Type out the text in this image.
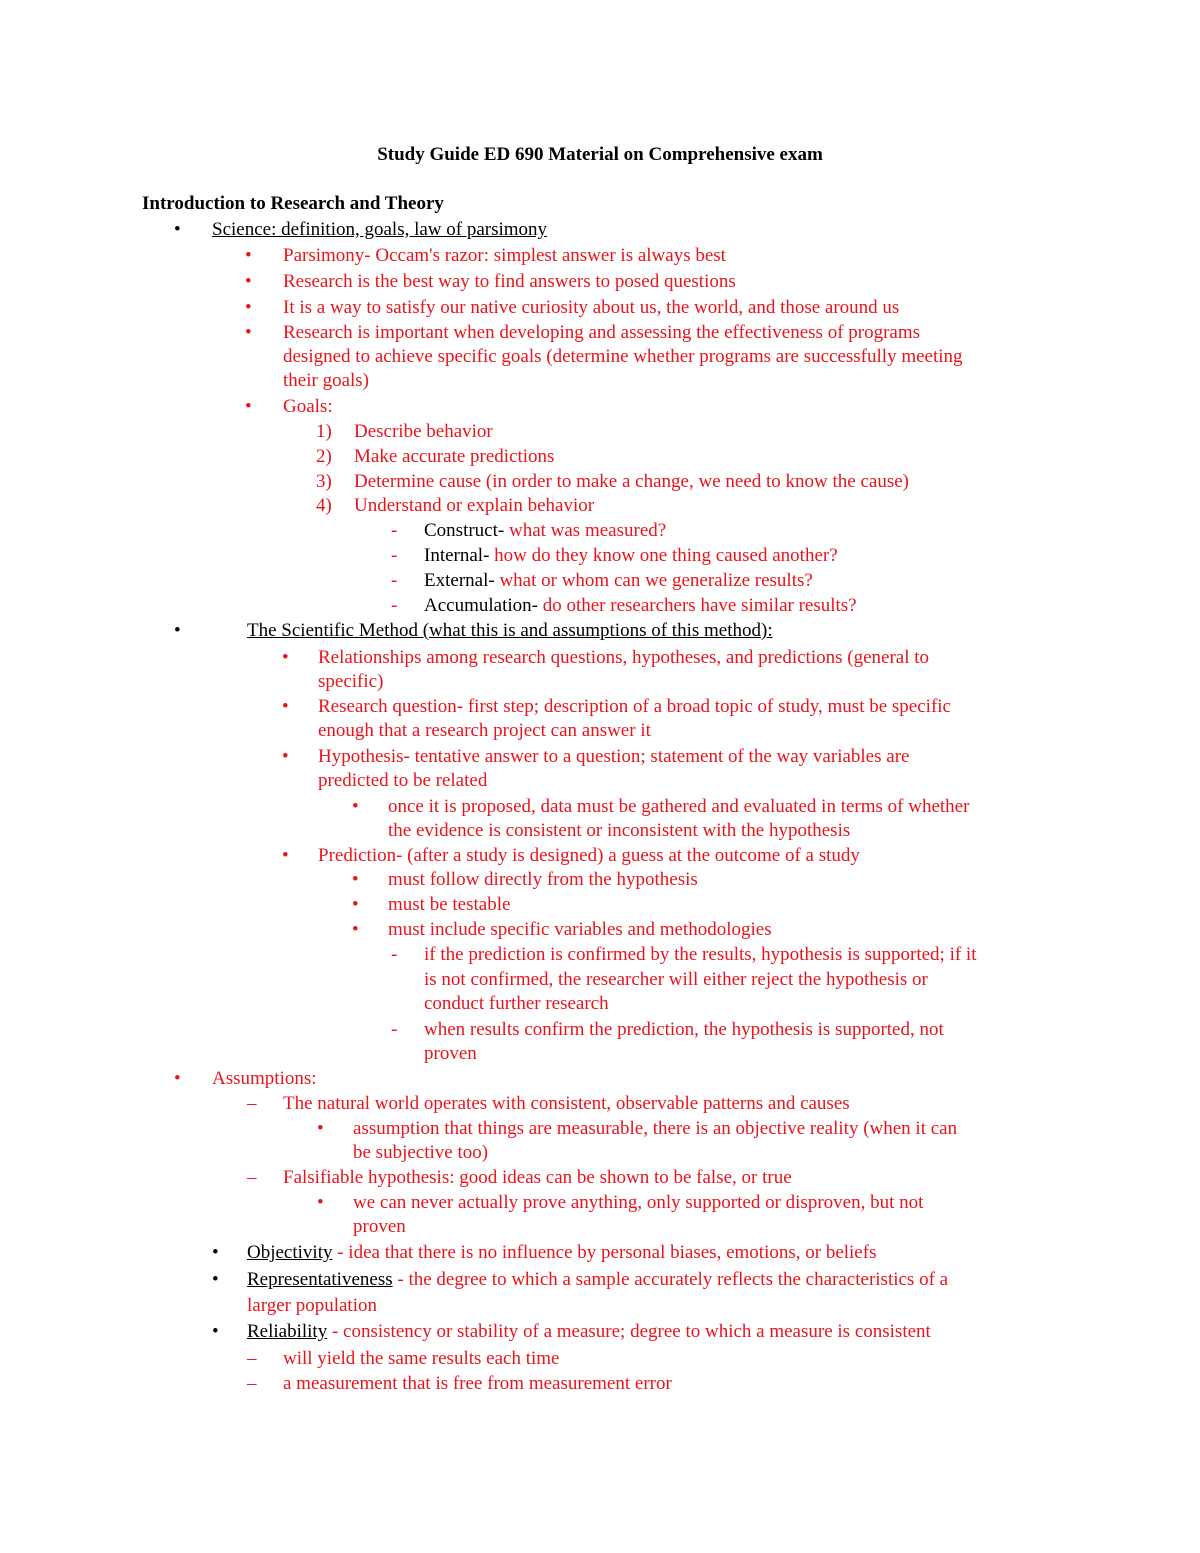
Study Guide ED 690 Material on Comprehensive exam
Introduction to Research and Theory
• Science: definition, goals, law of parsimony
• Parsimony- Occam's razor: simplest answer is always best
• Research is the best way to find answers to posed questions
• It is a way to satisfy our native curiosity about us, the world, and those around us
• Research is important when developing and assessing the effectiveness of programs
designed to achieve specific goals (determine whether programs are successfully meeting
their goals)
• Goals:
1) Describe behavior
2) Make accurate predictions
3) Determine cause (in order to make a change, we need to know the cause)
4) Understand or explain behavior
- Construct- what was measured?
- Internal- how do they know one thing caused another?
- External- what or whom can we generalize results?
- Accumulation- do other researchers have similar results?
•	The Scientific Method (what this is and assumptions of this method):
• Relationships among research questions, hypotheses, and predictions (general to
specific)
• Research question- first step; description of a broad topic of study, must be specific
enough that a research project can answer it
• Hypothesis- tentative answer to a question; statement of the way variables are
predicted to be related
• once it is proposed, data must be gathered and evaluated in terms of whether
the evidence is consistent or inconsistent with the hypothesis
• Prediction- (after a study is designed) a guess at the outcome of a study
• must follow directly from the hypothesis
• must be testable
• must include specific variables and methodologies
- if the prediction is confirmed by the results, hypothesis is supported; if it
is not confirmed, the researcher will either reject the hypothesis or
conduct further research
- when results confirm the prediction, the hypothesis is supported, not
proven
• Assumptions:
– The natural world operates with consistent, observable patterns and causes
• assumption that things are measurable, there is an objective reality (when it can
be subjective too)
– Falsifiable hypothesis: good ideas can be shown to be false, or true
• we can never actually prove anything, only supported or disproven, but not
proven
• Objectivity - idea that there is no influence by personal biases, emotions, or beliefs
• Representativeness - the degree to which a sample accurately reflects the characteristics of a
larger population
• Reliability - consistency or stability of a measure; degree to which a measure is consistent
– will yield the same results each time
– a measurement that is free from measurement error
